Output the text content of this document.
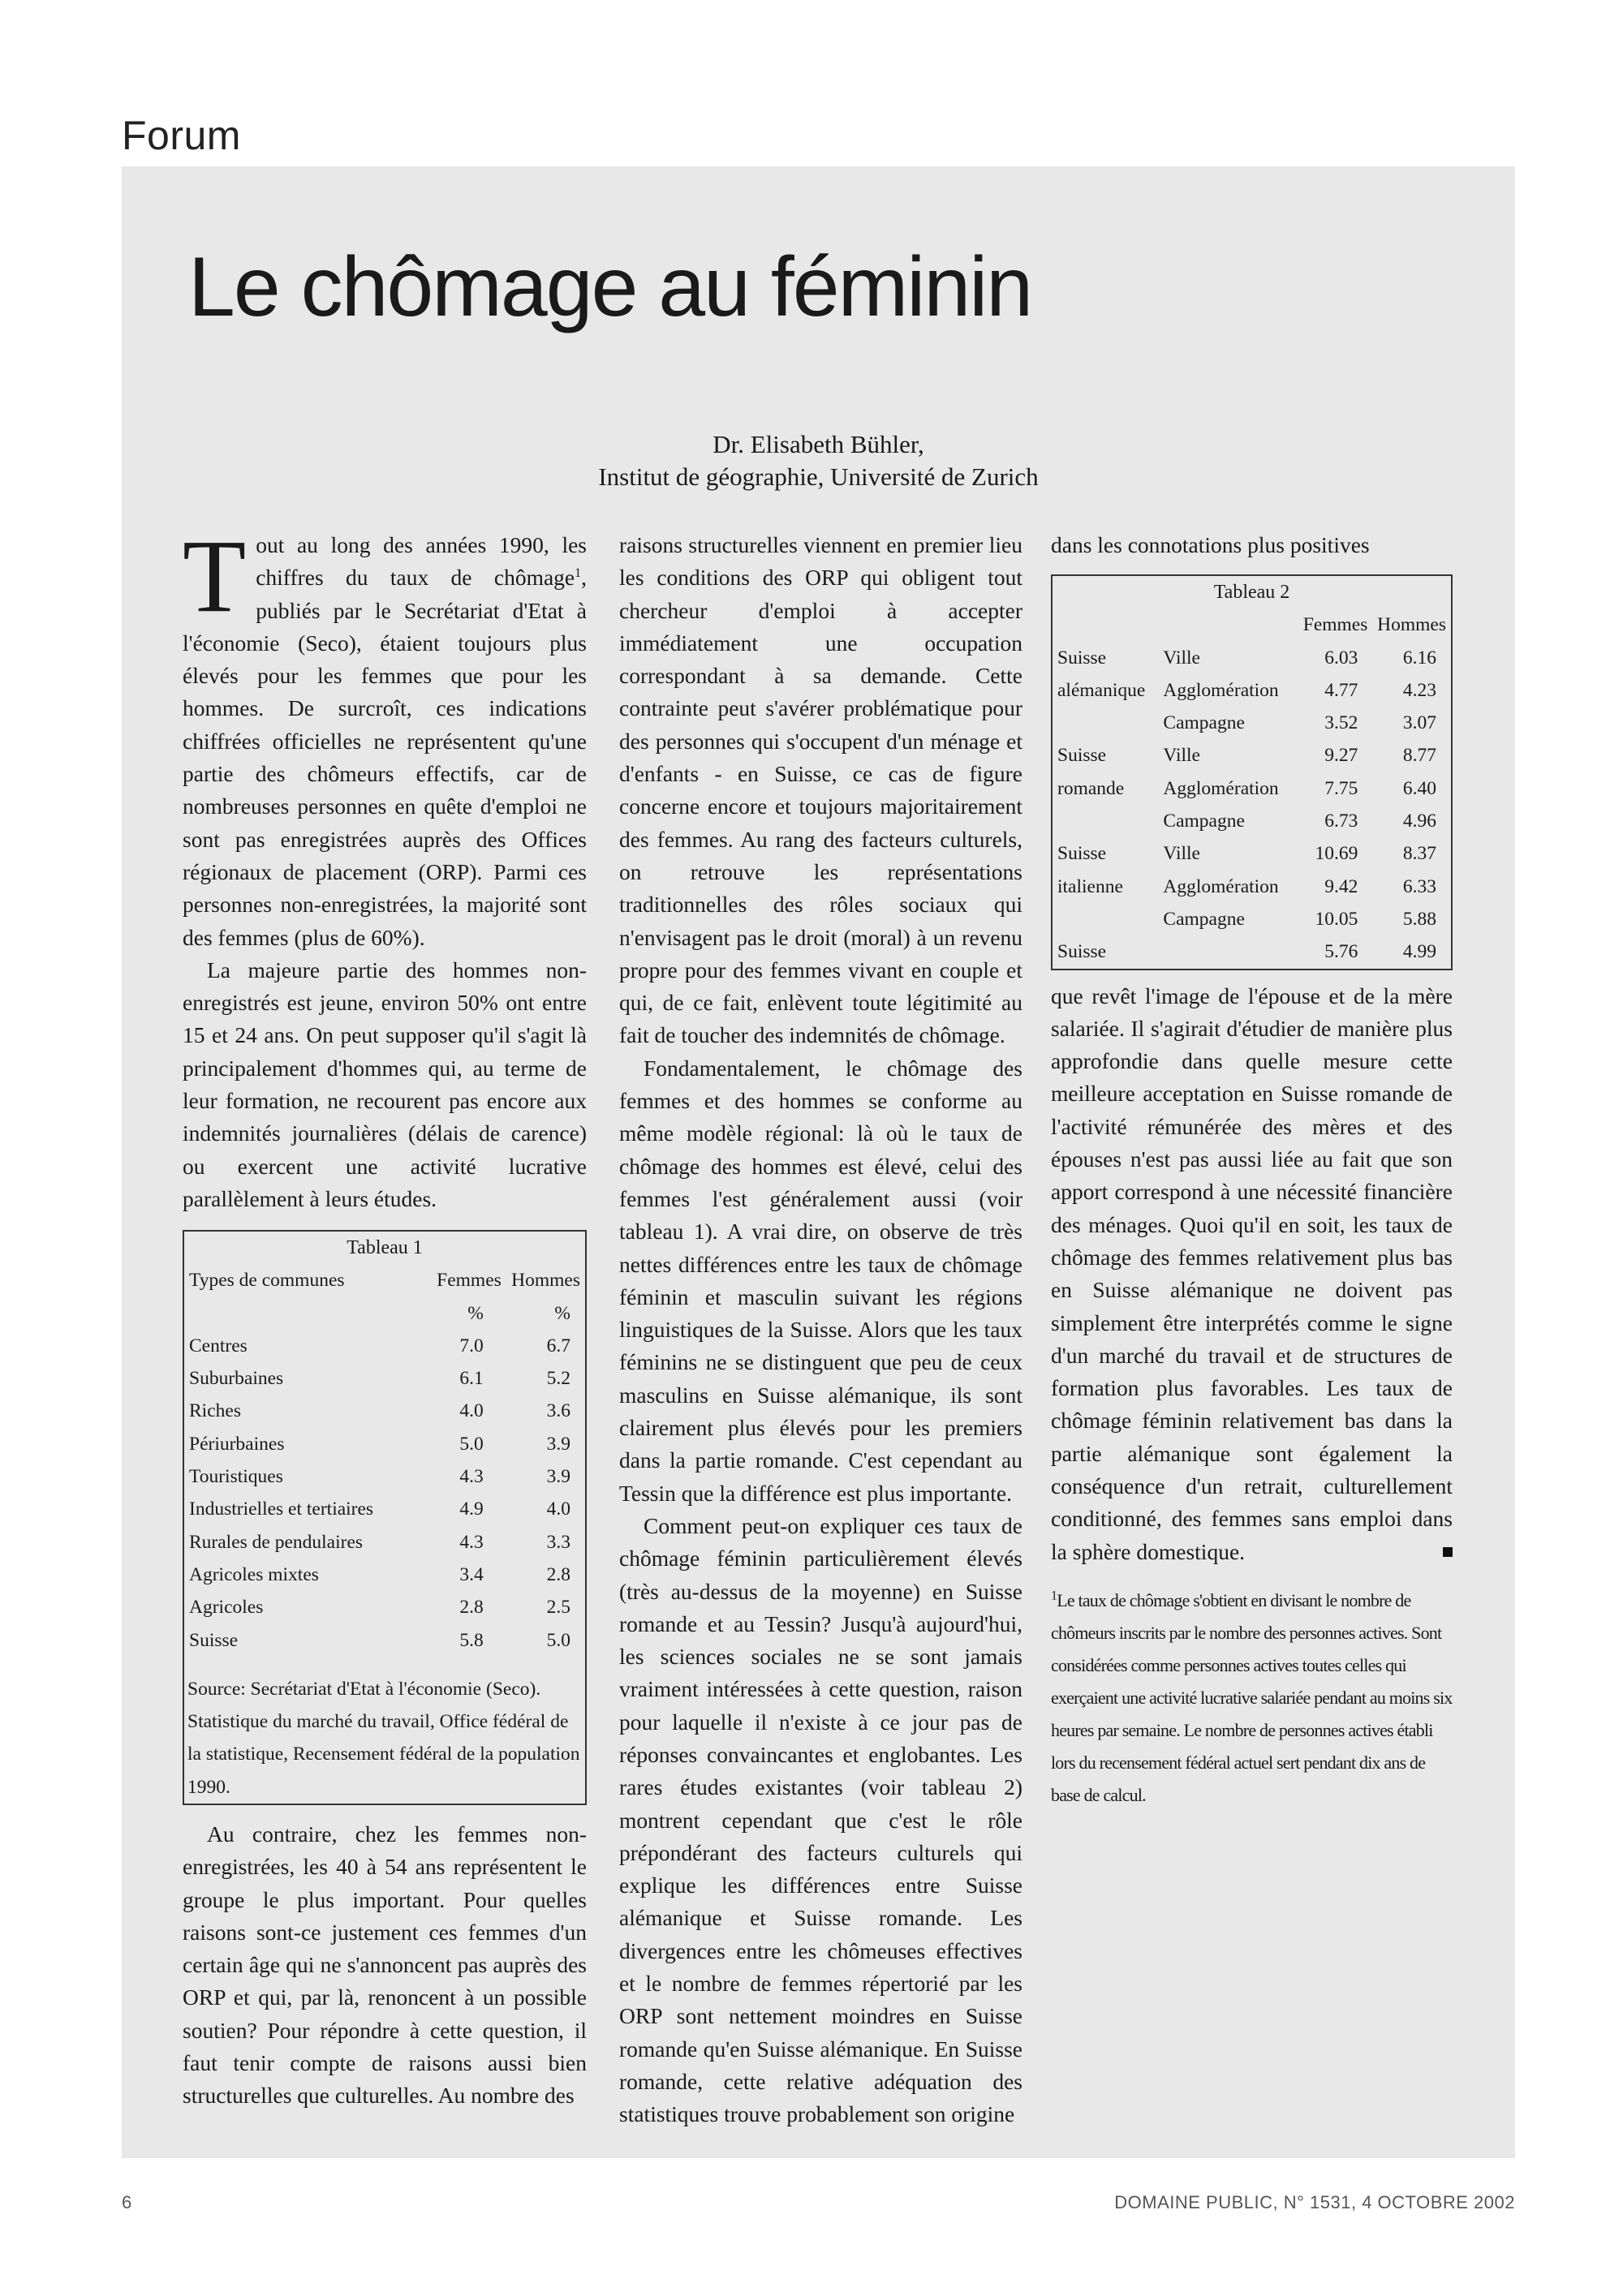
Forum
Le chômage au féminin
Dr. Elisabeth Bühler,
Institut de géographie, Université de Zurich

Tout au long des années 1990, les chiffres du taux de chômage$^1$, publiés par le Secrétariat d'Etat à l'économie (Seco), étaient toujours plus élevés pour les femmes que pour les hommes. De surcroît, ces indications chiffrées officielles ne représentent qu'une partie des chômeurs effectifs, car de nombreuses personnes en quête d'emploi ne sont pas enregistrées auprès des Offices régionaux de placement (ORP). Parmi ces personnes non-enregistrées, la majorité sont des femmes (plus de 60%).

La majeure partie des hommes non-enregistrés est jeune, environ 50% ont entre 15 et 24 ans. On peut supposer qu'il s'agit là principalement d'hommes qui, au terme de leur formation, ne recourent pas encore aux indemnités journalières (délais de carence) ou exercent une activité lucrative parallèlement à leurs études.

Tableau 1
Types de communes	Femmes	Hommes
	%	%
Centres	7.0	6.7
Suburbaines	6.1	5.2
Riches	4.0	3.6
Périurbaines	5.0	3.9
Touristiques	4.3	3.9
Industrielles et tertiaires	4.9	4.0
Rurales de pendulaires	4.3	3.3
Agricoles mixtes	3.4	2.8
Agricoles	2.8	2.5
Suisse	5.8	5.0
Source: Secrétariat d'Etat à l'économie (Seco). Statistique du marché du travail, Office fédéral de la statistique, Recensement fédéral de la population 1990.

Au contraire, chez les femmes non-enregistrées, les 40 à 54 ans représentent le groupe le plus important. Pour quelles raisons sont-ce justement ces femmes d'un certain âge qui ne s'annoncent pas auprès des ORP et qui, par là, renoncent à un possible soutien? Pour répondre à cette question, il faut tenir compte de raisons aussi bien structurelles que culturelles. Au nombre des

raisons structurelles viennent en premier lieu les conditions des ORP qui obligent tout chercheur d'emploi à accepter immédiatement une occupation correspondant à sa demande. Cette contrainte peut s'avérer problématique pour des personnes qui s'occupent d'un ménage et d'enfants - en Suisse, ce cas de figure concerne encore et toujours majoritairement des femmes. Au rang des facteurs culturels, on retrouve les représentations traditionnelles des rôles sociaux qui n'envisagent pas le droit (moral) à un revenu propre pour des femmes vivant en couple et qui, de ce fait, enlèvent toute légitimité au fait de toucher des indemnités de chômage.

Fondamentalement, le chômage des femmes et des hommes se conforme au même modèle régional: là où le taux de chômage des hommes est élevé, celui des femmes l'est généralement aussi (voir tableau 1). A vrai dire, on observe de très nettes différences entre les taux de chômage féminin et masculin suivant les régions linguistiques de la Suisse. Alors que les taux féminins ne se distinguent que peu de ceux masculins en Suisse alémanique, ils sont clairement plus élevés pour les premiers dans la partie romande. C'est cependant au Tessin que la différence est plus importante.

Comment peut-on expliquer ces taux de chômage féminin particulièrement élevés (très au-dessus de la moyenne) en Suisse romande et au Tessin? Jusqu'à aujourd'hui, les sciences sociales ne se sont jamais vraiment intéressées à cette question, raison pour laquelle il n'existe à ce jour pas de réponses convaincantes et englobantes. Les rares études existantes (voir tableau 2) montrent cependant que c'est le rôle prépondérant des facteurs culturels qui explique les différences entre Suisse alémanique et Suisse romande. Les divergences entre les chômeuses effectives et le nombre de femmes répertorié par les ORP sont nettement moindres en Suisse romande qu'en Suisse alémanique. En Suisse romande, cette relative adéquation des statistiques trouve probablement son origine

dans les connotations plus positives

Tableau 2
		Femmes	Hommes
Suisse	Ville	6.03	6.16
alémanique	Agglomération	4.77	4.23
	Campagne	3.52	3.07
Suisse	Ville	9.27	8.77
romande	Agglomération	7.75	6.40
	Campagne	6.73	4.96
Suisse	Ville	10.69	8.37
italienne	Agglomération	9.42	6.33
	Campagne	10.05	5.88
Suisse		5.76	4.99

que revêt l'image de l'épouse et de la mère salariée. Il s'agirait d'étudier de manière plus approfondie dans quelle mesure cette meilleure acceptation en Suisse romande de l'activité rémunérée des mères et des épouses n'est pas aussi liée au fait que son apport correspond à une nécessité financière des ménages. Quoi qu'il en soit, les taux de chômage des femmes relativement plus bas en Suisse alémanique ne doivent pas simplement être interprétés comme le signe d'un marché du travail et de structures de formation plus favorables. Les taux de chômage féminin relativement bas dans la partie alémanique sont également la conséquence d'un retrait, culturellement conditionné, des femmes sans emploi dans la sphère domestique.

$^1$Le taux de chômage s'obtient en divisant le nombre de chômeurs inscrits par le nombre des personnes actives. Sont considérées comme personnes actives toutes celles qui exerçaient une activité lucrative salariée pendant au moins six heures par semaine. Le nombre de personnes actives établi lors du recensement fédéral actuel sert pendant dix ans de base de calcul.
6	DOMAINE PUBLIC, N° 1531, 4 OCTOBRE 2002
